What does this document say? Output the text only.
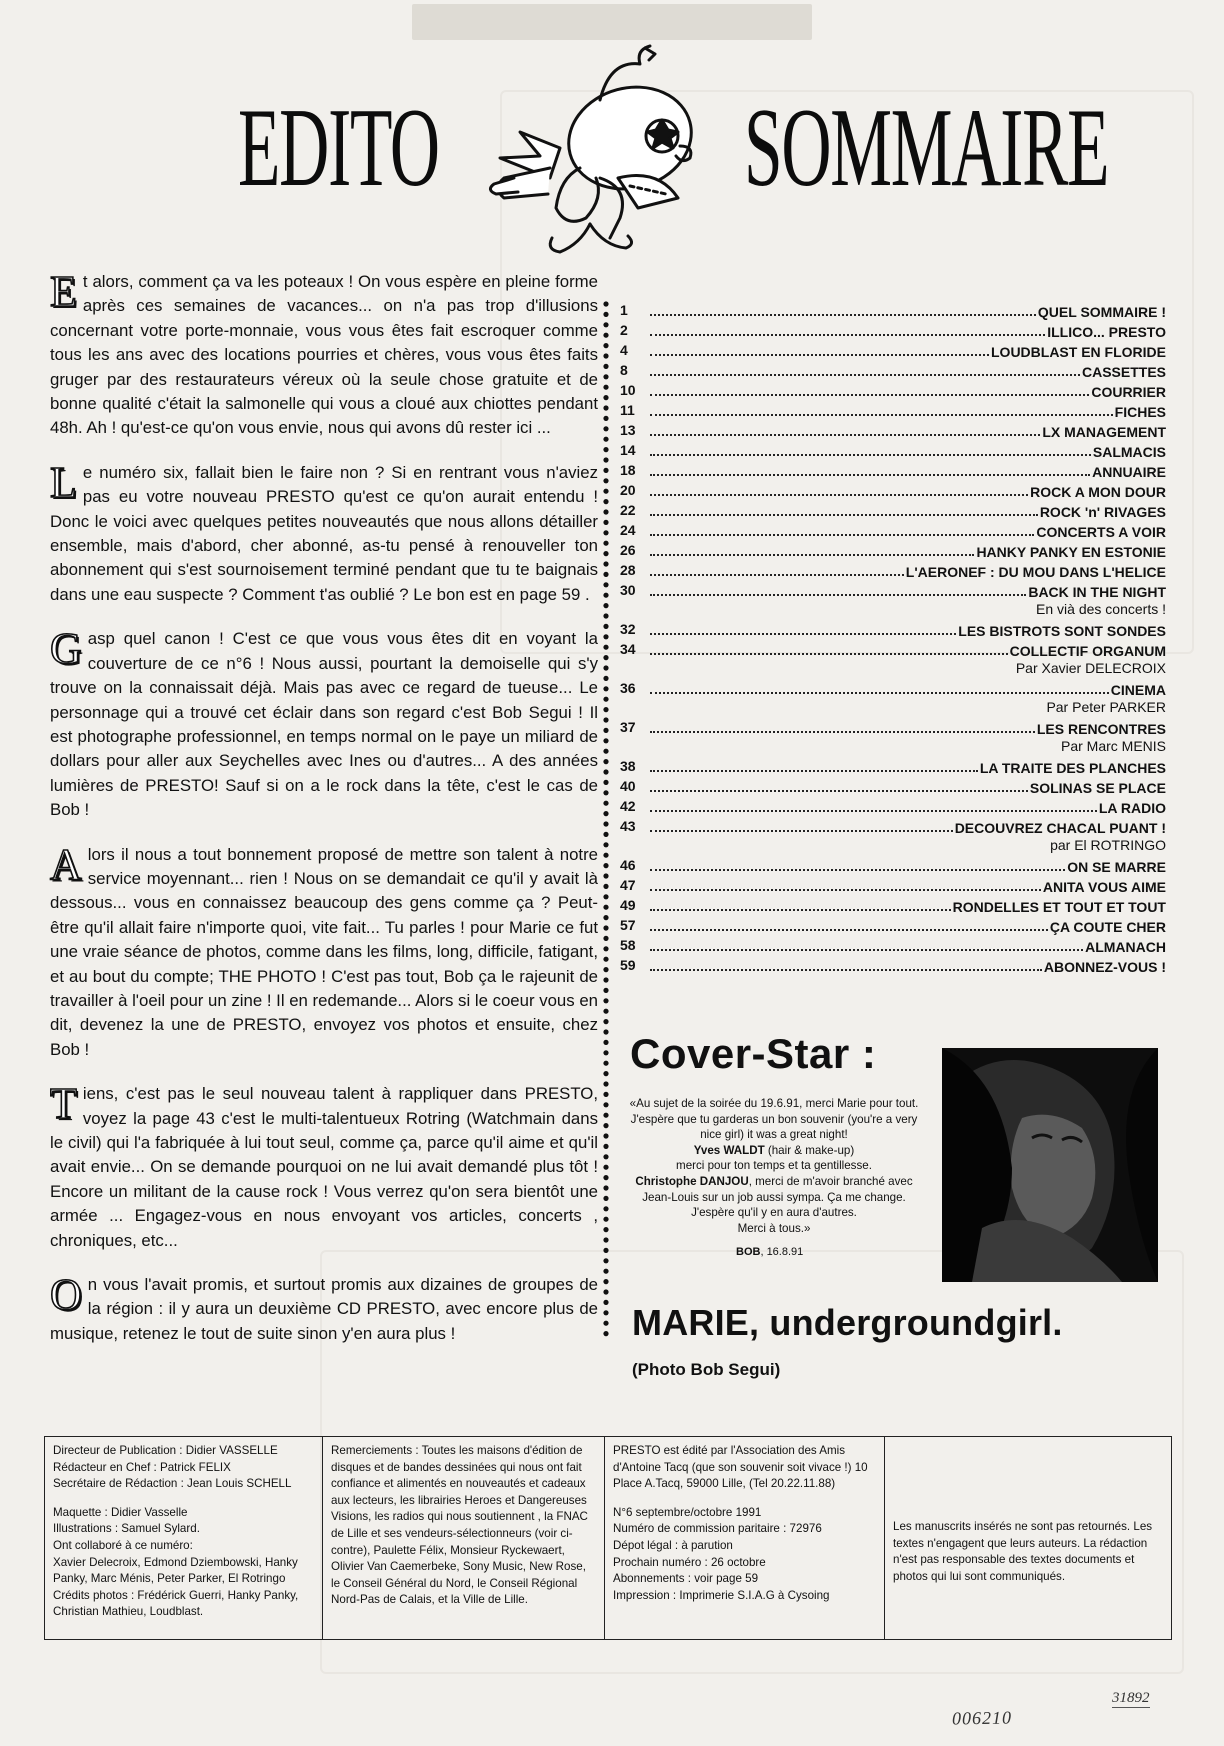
EDITO	SOMMAIRE

Et alors, comment ça va les poteaux ! On vous espère en pleine forme après ces semaines de vacances... on n'a pas trop d'illusions concernant votre porte-monnaie, vous vous êtes fait escroquer comme tous les ans avec des locations pourries et chères, vous vous êtes faits gruger par des restaurateurs véreux où la seule chose gratuite et de bonne qualité c'était la salmonelle qui vous a cloué aux chiottes pendant 48h. Ah ! qu'est-ce qu'on vous envie, nous qui avons dû rester ici ...

Le numéro six, fallait bien le faire non ? Si en rentrant vous n'aviez pas eu votre nouveau PRESTO qu'est ce qu'on aurait entendu ! Donc le voici avec quelques petites nouveautés que nous allons détailler ensemble, mais d'abord, cher abonné, as-tu pensé à renouveller ton abonnement qui s'est sournoisement terminé pendant que tu te baignais dans une eau suspecte ? Comment t'as oublié ? Le bon est en page 59 .

Gasp quel canon ! C'est ce que vous vous êtes dit en voyant la couverture de ce n°6 ! Nous aussi, pourtant la demoiselle qui s'y trouve on la connaissait déjà. Mais pas avec ce regard de tueuse... Le personnage qui a trouvé cet éclair dans son regard c'est Bob Segui ! Il est photographe professionnel, en temps normal on le paye un miliard de dollars pour aller aux Seychelles avec Ines ou d'autres... A des années lumières de PRESTO! Sauf si on a le rock dans la tête, c'est le cas de Bob !

Alors il nous a tout bonnement proposé de mettre son talent à notre service moyennant... rien ! Nous on se demandait ce qu'il y avait là dessous... vous en connaissez beaucoup des gens comme ça ? Peut-être qu'il allait faire n'importe quoi, vite fait... Tu parles ! pour Marie ce fut une vraie séance de photos, comme dans les films, long, difficile, fatigant, et au bout du compte; THE PHOTO ! C'est pas tout, Bob ça le rajeunit de travailler à l'oeil pour un zine ! Il en redemande... Alors si le coeur vous en dit, devenez la une de PRESTO, envoyez vos photos et ensuite, chez Bob !

Tiens, c'est pas le seul nouveau talent à rappliquer dans PRESTO, voyez la page 43 c'est le multi-talentueux Rotring (Watchmain dans le civil) qui l'a fabriquée à lui tout seul, comme ça, parce qu'il aime et qu'il avait envie... On se demande pourquoi on ne lui avait demandé plus tôt ! Encore un militant de la cause rock ! Vous verrez qu'on sera bientôt une armée ... Engagez-vous en nous envoyant vos articles, concerts , chroniques, etc...

On vous l'avait promis, et surtout promis aux dizaines de groupes de la région : il y aura un deuxième CD PRESTO, avec encore plus de musique, retenez le tout de suite sinon y'en aura plus !

1	QUEL SOMMAIRE !
2	ILLICO... PRESTO
4	LOUDBLAST EN FLORIDE
8	CASSETTES
10	COURRIER
11	FICHES
13	LX MANAGEMENT
14	SALMACIS
18	ANNUAIRE
20	ROCK A MON DOUR
22	ROCK 'n' RIVAGES
24	CONCERTS A VOIR
26	HANKY PANKY EN ESTONIE
28	L'AERONEF : DU MOU DANS L'HELICE
30	BACK IN THE NIGHT
En vià des concerts !
32	LES BISTROTS SONT SONDES
34	COLLECTIF ORGANUM
Par Xavier DELECROIX
36	CINEMA
Par Peter PARKER
37	LES RENCONTRES
Par Marc MENIS
38	LA TRAITE DES PLANCHES
40	SOLINAS SE PLACE
42	LA RADIO
43	DECOUVREZ CHACAL PUANT !
par El ROTRINGO
46	ON SE MARRE
47	ANITA VOUS AIME
49	RONDELLES ET TOUT ET TOUT
57	ÇA COUTE CHER
58	ALMANACH
59	ABONNEZ-VOUS !
Cover-Star :
«Au sujet de la soirée du 19.6.91, merci Marie pour tout. J'espère que tu garderas un bon souvenir (you're a very nice girl) it was a great night!
Yves WALDT (hair & make-up)
merci pour ton temps et ta gentillesse.
Christophe DANJOU, merci de m'avoir branché avec Jean-Louis sur un job aussi sympa. Ça me change. J'espère qu'il y en aura d'autres.
Merci à tous.»
BOB, 16.8.91
MARIE, undergroundgirl.
(Photo Bob Segui)
Directeur de Publication : Didier VASSELLE
Rédacteur en Chef : Patrick FELIX
Secrétaire de Rédaction : Jean Louis SCHELL
Maquette : Didier Vasselle
Illustrations : Samuel Sylard.
Ont collaboré à ce numéro:
Xavier Delecroix, Edmond Dziembowski, Hanky Panky, Marc Ménis, Peter Parker, El Rotringo
Crédits photos : Frédérick Guerri, Hanky Panky, Christian Mathieu, Loudblast.
Remerciements : Toutes les maisons d'édition de disques et de bandes dessinées qui nous ont fait confiance et alimentés en nouveautés et cadeaux aux lecteurs, les librairies Heroes et Dangereuses Visions, les radios qui nous soutiennent , la FNAC de Lille et ses vendeurs-sélectionneurs (voir ci-contre), Paulette Félix, Monsieur Ryckewaert, Olivier Van Caemerbeke, Sony Music, New Rose, le Conseil Général du Nord, le Conseil Régional Nord-Pas de Calais, et la Ville de Lille.
PRESTO est édité par l'Association des Amis d'Antoine Tacq (que son souvenir soit vivace !) 10 Place A.Tacq, 59000 Lille, (Tel 20.22.11.88)
N°6 septembre/octobre 1991
Numéro de commission paritaire : 72976
Dépot légal : à parution
Prochain numéro : 26 octobre
Abonnements : voir page 59
Impression : Imprimerie S.I.A.G à Cysoing
Les manuscrits insérés ne sont pas retournés. Les textes n'engagent que leurs auteurs. La rédaction n'est pas responsable des textes documents et photos qui lui sont communiqués.
006210
31892
